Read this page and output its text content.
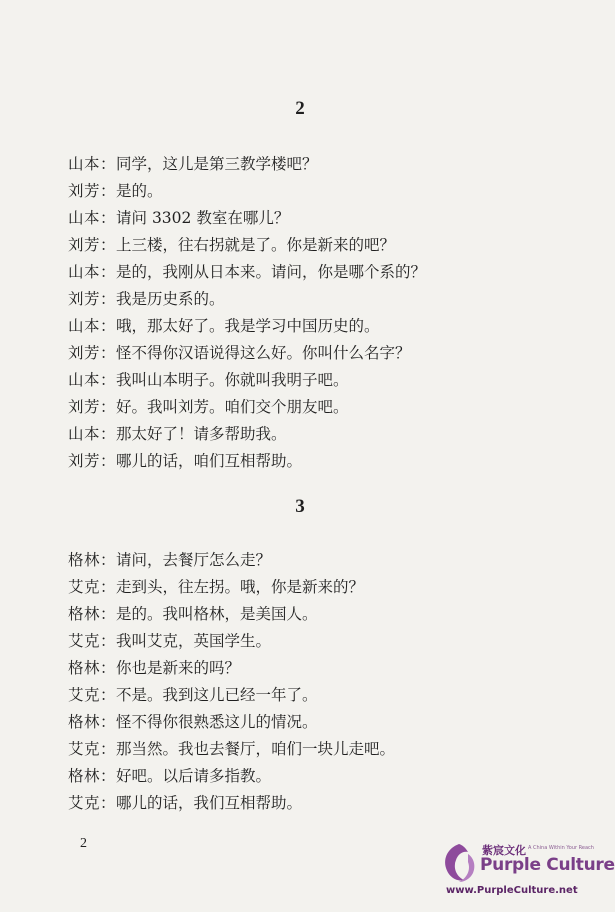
2
山本：同学，这儿是第三教学楼吧？
刘芳：是的。
山本：请问 3302 教室在哪儿？
刘芳：上三楼，往右拐就是了。你是新来的吧？
山本：是的，我刚从日本来。请问，你是哪个系的？
刘芳：我是历史系的。
山本：哦，那太好了。我是学习中国历史的。
刘芳：怪不得你汉语说得这么好。你叫什么名字？
山本：我叫山本明子。你就叫我明子吧。
刘芳：好。我叫刘芳。咱们交个朋友吧。
山本：那太好了！请多帮助我。
刘芳：哪儿的话，咱们互相帮助。
3
格林：请问，去餐厅怎么走？
艾克：走到头，往左拐。哦，你是新来的？
格林：是的。我叫格林，是美国人。
艾克：我叫艾克，英国学生。
格林：你也是新来的吗？
艾克：不是。我到这儿已经一年了。
格林：怪不得你很熟悉这儿的情况。
艾克：那当然。我也去餐厅，咱们一块儿走吧。
格林：好吧。以后请多指教。
艾克：哪儿的话，我们互相帮助。
2	紫宸文化 A China Within Your Reach
Purple Culture
www.PurpleCulture.net
